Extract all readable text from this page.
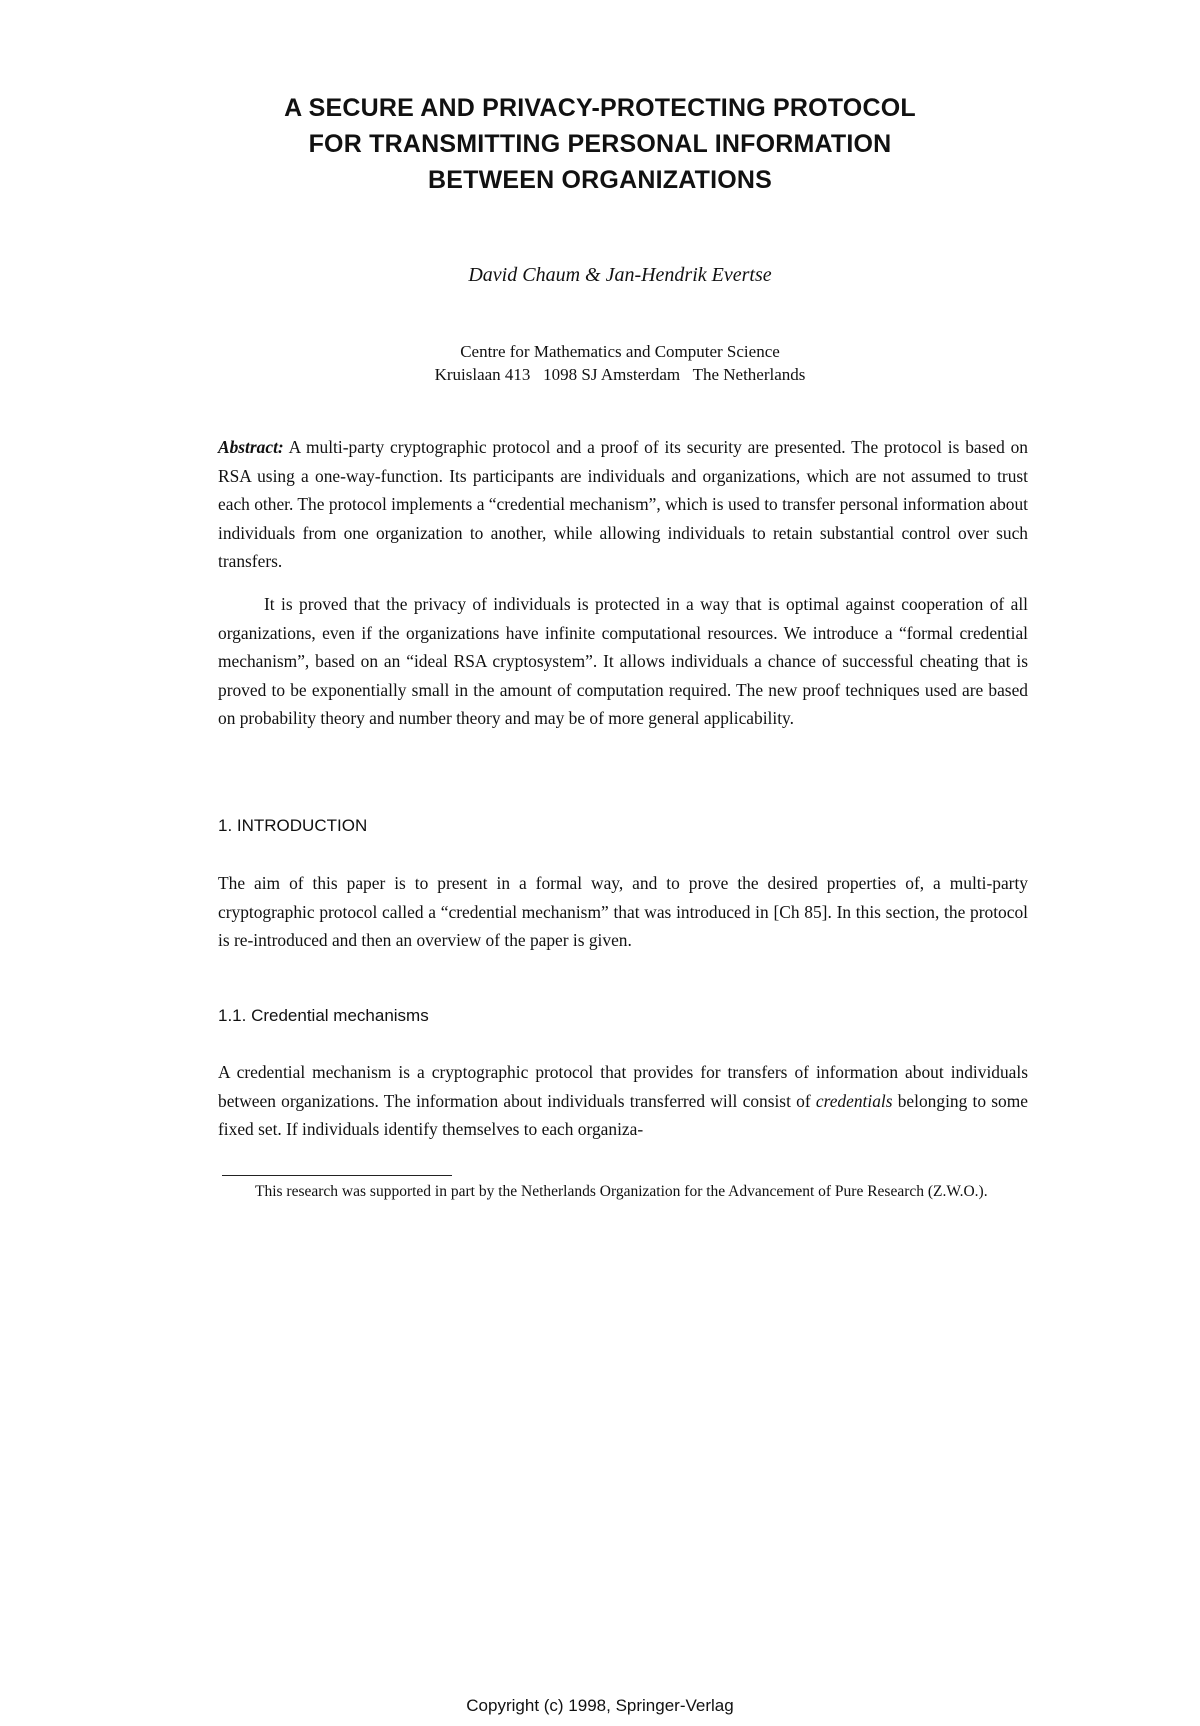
A SECURE AND PRIVACY-PROTECTING PROTOCOL
FOR TRANSMITTING PERSONAL INFORMATION
BETWEEN ORGANIZATIONS
David Chaum & Jan-Hendrik Evertse
Centre for Mathematics and Computer Science
Kruislaan 413   1098 SJ Amsterdam   The Netherlands

Abstract: A multi-party cryptographic protocol and a proof of its security are presented. The protocol is based on RSA using a one-way-function. Its participants are individuals and organizations, which are not assumed to trust each other. The protocol implements a “credential mechanism”, which is used to transfer personal information about individuals from one organization to another, while allowing individuals to retain substantial control over such transfers.

It is proved that the privacy of individuals is protected in a way that is optimal against cooperation of all organizations, even if the organizations have infinite computational resources. We introduce a “formal credential mechanism”, based on an “ideal RSA cryptosystem”. It allows individuals a chance of successful cheating that is proved to be exponentially small in the amount of computation required. The new proof techniques used are based on probability theory and number theory and may be of more general applicability.

1. INTRODUCTION

The aim of this paper is to present in a formal way, and to prove the desired properties of, a multi-party cryptographic protocol called a “credential mechanism” that was introduced in [Ch 85]. In this section, the protocol is re-introduced and then an overview of the paper is given.

1.1. Credential mechanisms

A credential mechanism is a cryptographic protocol that provides for transfers of information about individuals between organizations. The information about individuals transferred will consist of credentials belonging to some fixed set. If individuals identify themselves to each organiza-

This research was supported in part by the Netherlands Organization for the Advancement of Pure Research (Z.W.O.).
Copyright (c) 1998, Springer-Verlag
